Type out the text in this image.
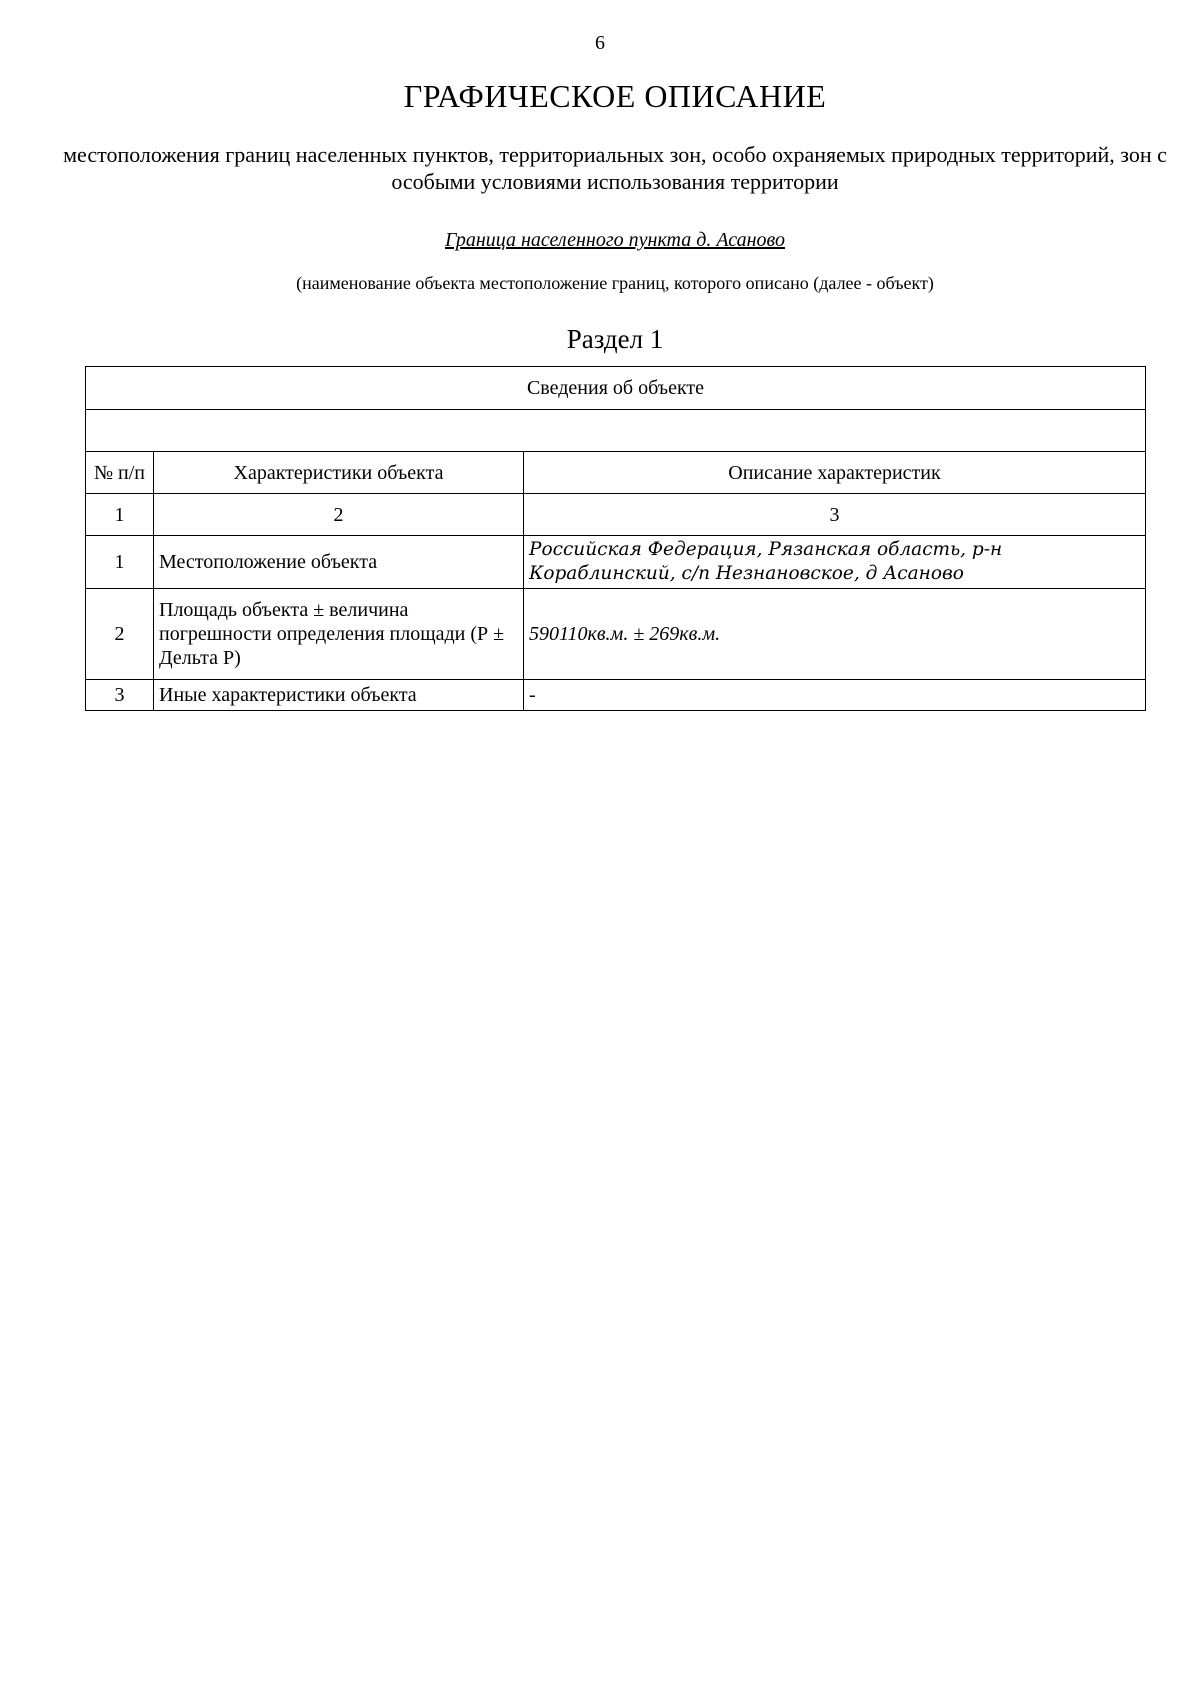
6
ГРАФИЧЕСКОЕ ОПИСАНИЕ
местоположения границ населенных пунктов, территориальных зон, особо охраняемых природных территорий, зон с особыми условиями использования территории
Граница населенного пункта д. Асаново
(наименование объекта местоположение границ, которого описано (далее - объект)
Раздел 1
Сведения об объекте		

№ п/п	Характеристики объекта	Описание характеристик
1	2	3
1	Местоположение объекта	Российская Федерация, Рязанская область, р-н Кораблинский, с/п Незнановское, д Асаново
2	Площадь объекта ± величина погрешности определения площади (Р ± Дельта Р)	590110кв.м. ± 269кв.м.
3	Иные характеристики объекта	-
